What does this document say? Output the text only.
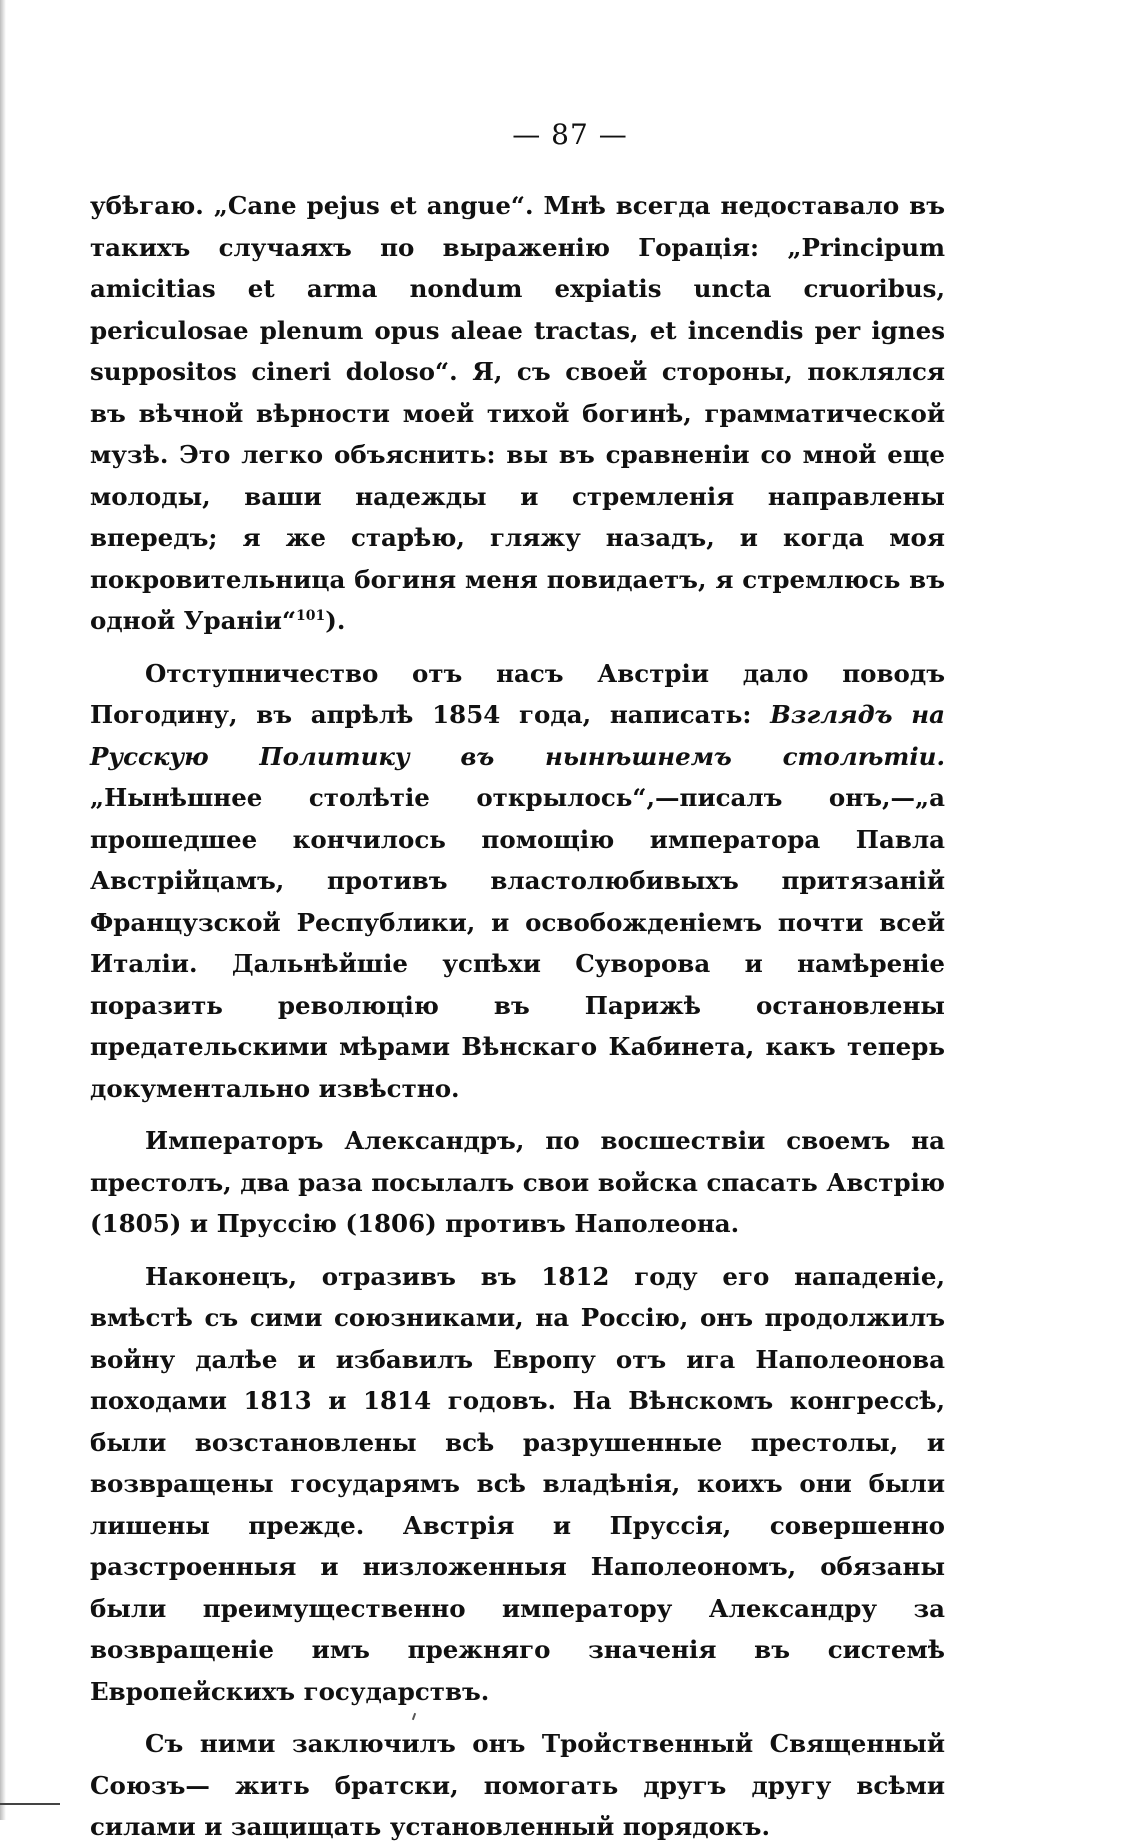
— 87 —

убѣгаю. „Cane pejus et angue“. Мнѣ всегда недоставало въ такихъ случаяхъ по выраженію Горація: „Principum amicitias et arma nondum expiatis uncta cruoribus, periculosae plenum opus aleae tractas, et incendis per ignes suppositos cineri doloso“. Я, съ своей стороны, поклялся въ вѣчной вѣрности моей тихой богинѣ, грамматической музѣ. Это легко объяснить: вы въ сравненіи со мной еще молоды, ваши надежды и стремленія направлены впередъ; я же старѣю, гляжу назадъ, и когда моя покровительница богиня меня повидаетъ, я стремлюсь въ одной Ураніи“$^{101}$).

Отступничество отъ насъ Австріи дало поводъ Погодину, въ апрѣлѣ 1854 года, написать: Взглядъ на Русскую Политику въ нынѣшнемъ столѣтіи. „Нынѣшнее столѣтіе открылось“,—писалъ онъ,—„а прошедшее кончилось помощію императора Павла Австрійцамъ, противъ властолюбивыхъ притязаній Французской Республики, и освобожденіемъ почти всей Италіи. Дальнѣйшіе успѣхи Суворова и намѣреніе поразить революцію въ Парижѣ остановлены предательскими мѣрами Вѣнскаго Кабинета, какъ теперь документально извѣстно.

Императоръ Александръ, по восшествіи своемъ на престолъ, два раза посылалъ свои войска спасать Австрію (1805) и Пруссію (1806) противъ Наполеона.

Наконецъ, отразивъ въ 1812 году его нападеніе, вмѣстѣ съ сими союзниками, на Россію, онъ продолжилъ войну далѣе и избавилъ Европу отъ ига Наполеонова походами 1813 и 1814 годовъ. На Вѣнскомъ конгрессѣ, были возстановлены всѣ разрушенные престолы, и возвращены государямъ всѣ владѣнія, коихъ они были лишены прежде. Австрія и Пруссія, совершенно разстроенныя и низложенныя Наполеономъ, обязаны были преимущественно императору Александру за возвращеніе имъ прежняго значенія въ системѣ Европейскихъ государствъ.

Съ ними заключилъ онъ Тройственный Священный Союзъ— жить братски, помогать другъ другу всѣми силами и защищать установленный порядокъ.
